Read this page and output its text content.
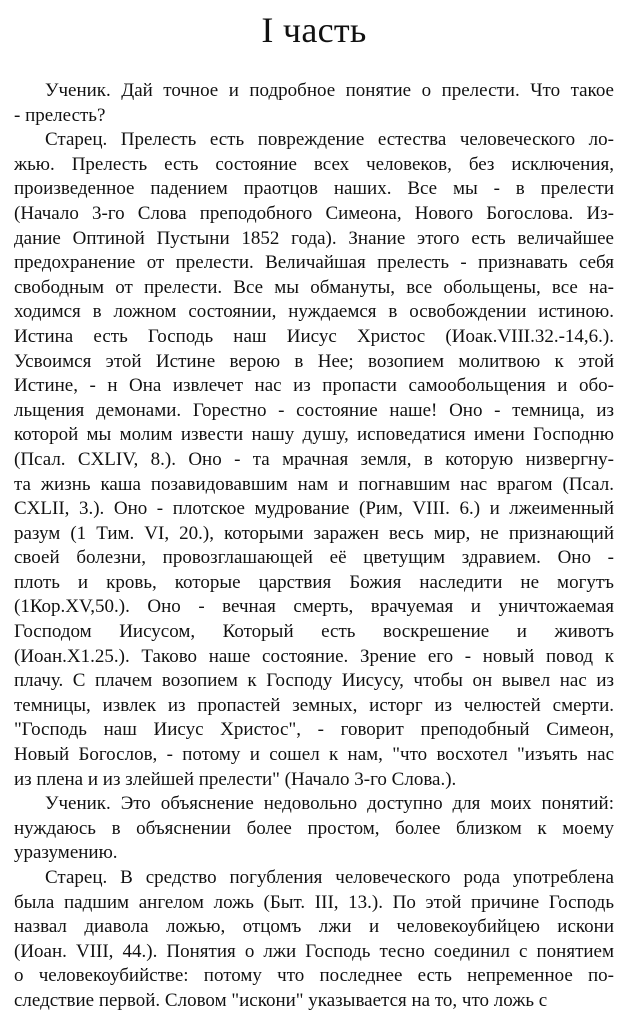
I часть
Ученик. Дай точное и подробное понятие о прелести. Что такое
- прелесть?
Старец. Прелесть есть повреждение естества человеческого ло-
жью. Прелесть есть состояние всех человеков, без исключения,
произведенное падением праотцов наших. Все мы - в прелести
(Начало 3-го Слова преподобного Симеона, Нового Богослова. Из-
дание Оптиной Пустыни 1852 года). Знание этого есть величайшее
предохранение от прелести. Величайшая прелесть - признавать себя
свободным от прелести. Все мы обмануты, все обольщены, все на-
ходимся в ложном состоянии, нуждаемся в освобождении истиною.
Истина есть Господь наш Иисус Христос (Иоак.VIII.32.-14,6.).
Усвоимся этой Истине верою в Нее; возопием молитвою к этой
Истине, - н Она извлечет нас из пропасти самообольщения и обо-
льщения демонами. Горестно - состояние наше! Оно - темница, из
которой мы молим извести нашу душу, исповедатися имени Господню
(Псал. CXLIV, 8.). Оно - та мрачная земля, в которую низвергну-
та жизнь каша позавидовавшим нам и погнавшим нас врагом (Псал.
CXLII, 3.). Оно - плотское мудрование (Рим, VIII. 6.) и лжеименный
разум (1 Тим. VI, 20.), которыми заражен весь мир, не признающий
своей болезни, провозглашающей её цветущим здравием. Оно -
плоть и кровь, которые царствия Божия наследити не могутъ
(1Кор.XV,50.). Оно - вечная смерть, врачуемая и уничтожаемая
Господом Иисусом, Который есть воскрешение и животъ
(Иоан.X1.25.). Таково наше состояние. Зрение его - новый повод к
плачу. С плачем возопием к Господу Иисусу, чтобы он вывел нас из
темницы, извлек из пропастей земных, исторг из челюстей смерти.
"Господь наш Иисус Христос", - говорит преподобный Симеон,
Новый Богослов, - потому и сошел к нам, "что восхотел "изъять нас
из плена и из злейшей прелести" (Начало 3-го Слова.).
Ученик. Это объяснение недовольно доступно для моих понятий:
нуждаюсь в объяснении более простом, более близком к моему
уразумению.
Старец. В средство погубления человеческого рода употреблена
была падшим ангелом ложь (Быт. III, 13.). По этой причине Господь
назвал диавола ложью, отцомъ лжи и человекоубийцею искони
(Иоан. VIII, 44.). Понятия о лжи Господь тесно соединил с понятием
о человекоубийстве: потому что последнее есть непременное по-
следствие первой. Словом "искони" указывается на то, что ложь с
